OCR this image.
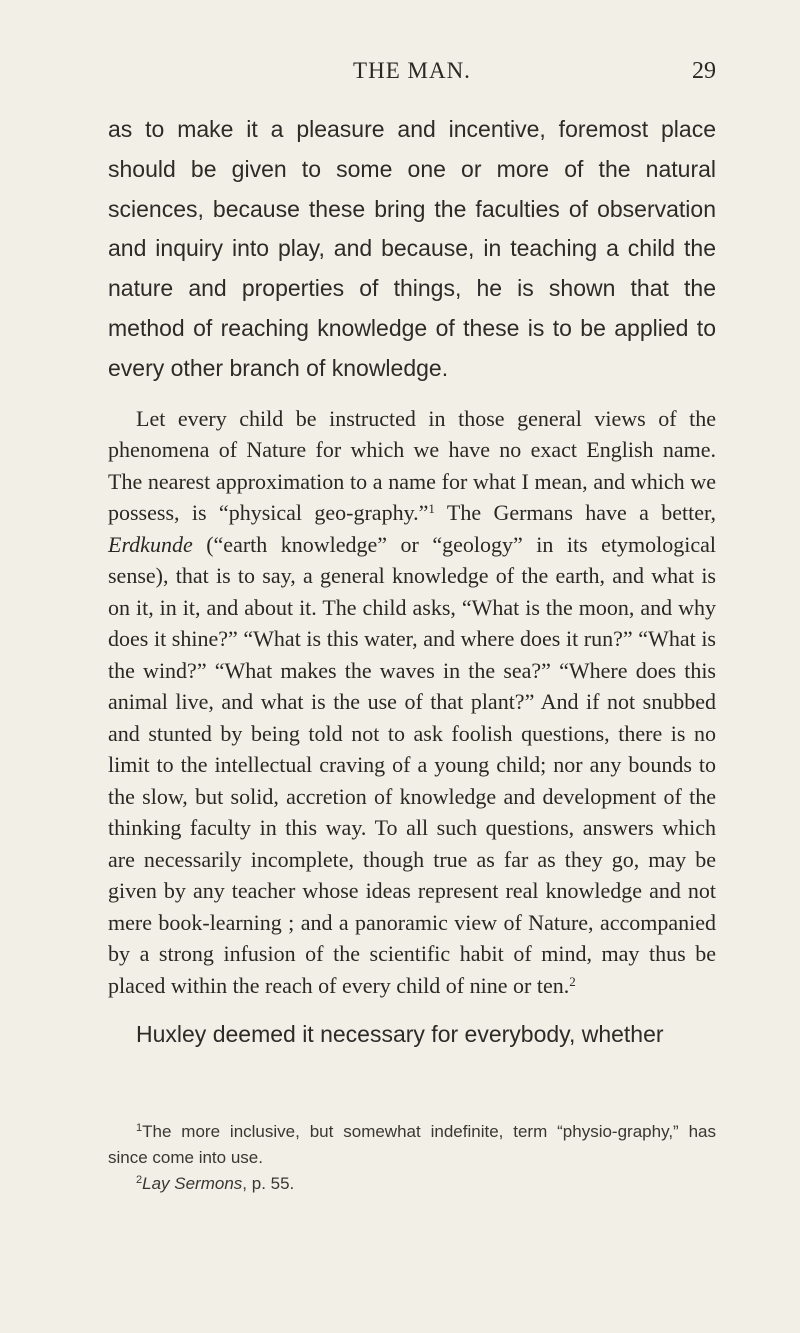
THE MAN.	29

as to make it a pleasure and incentive, foremost place should be given to some one or more of the natural sciences, because these bring the faculties of observation and inquiry into play, and because, in teaching a child the nature and properties of things, he is shown that the method of reaching knowledge of these is to be applied to every other branch of knowledge.

Let every child be instructed in those general views of the phenomena of Nature for which we have no exact English name. The nearest approximation to a name for what I mean, and which we possess, is “physical geo-graphy.”$^1$ The Germans have a better, Erdkunde (“earth knowledge” or “geology” in its etymological sense), that is to say, a general knowledge of the earth, and what is on it, in it, and about it. The child asks, “What is the moon, and why does it shine?” “What is this water, and where does it run?” “What is the wind?” “What makes the waves in the sea?” “Where does this animal live, and what is the use of that plant?” And if not snubbed and stunted by being told not to ask foolish questions, there is no limit to the intellectual craving of a young child; nor any bounds to the slow, but solid, accretion of knowledge and development of the thinking faculty in this way. To all such questions, answers which are necessarily incomplete, though true as far as they go, may be given by any teacher whose ideas represent real knowledge and not mere book-learning ; and a panoramic view of Nature, accompanied by a strong infusion of the scientific habit of mind, may thus be placed within the reach of every child of nine or ten.$^2$

Huxley deemed it necessary for everybody, whether

$^1$The more inclusive, but somewhat indefinite, term “physio-graphy,” has since come into use.

$^2$Lay Sermons, p. 55.
